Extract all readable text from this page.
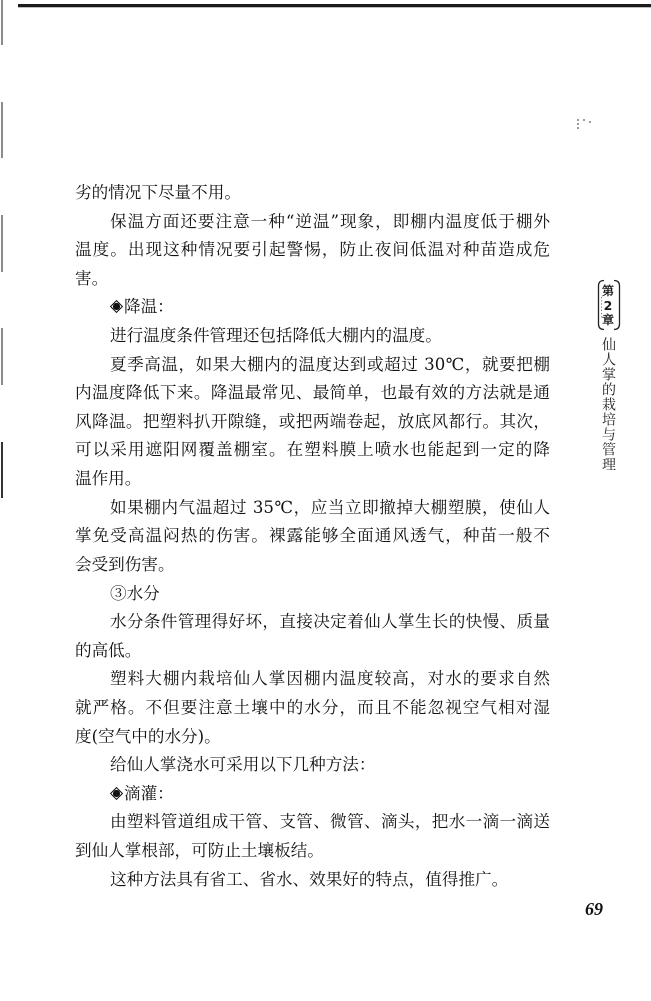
劣的情况下尽量不用。
保温方面还要注意一种“逆温”现象，即棚内温度低于棚外
温度。出现这种情况要引起警惕，防止夜间低温对种苗造成危
害。
降温：
进行温度条件管理还包括降低大棚内的温度。
夏季高温，如果大棚内的温度达到或超过 30℃，就要把棚
内温度降低下来。降温最常见、最简单，也最有效的方法就是通
风降温。把塑料扒开隙缝，或把两端卷起，放底风都行。其次，
可以采用遮阳网覆盖棚室。在塑料膜上喷水也能起到一定的降
温作用。
如果棚内气温超过 35℃，应当立即撤掉大棚塑膜，使仙人
掌免受高温闷热的伤害。裸露能够全面通风透气，种苗一般不
会受到伤害。
③水分
水分条件管理得好坏，直接决定着仙人掌生长的快慢、质量
的高低。
塑料大棚内栽培仙人掌因棚内温度较高，对水的要求自然
就严格。不但要注意土壤中的水分，而且不能忽视空气相对湿
度(空气中的水分)。
给仙人掌浇水可采用以下几种方法：
滴灌：
由塑料管道组成干管、支管、微管、滴头，把水一滴一滴送
到仙人掌根部，可防止土壤板结。
这种方法具有省工、省水、效果好的特点，值得推广。
第
2
章
仙人掌的栽培与管理
69
